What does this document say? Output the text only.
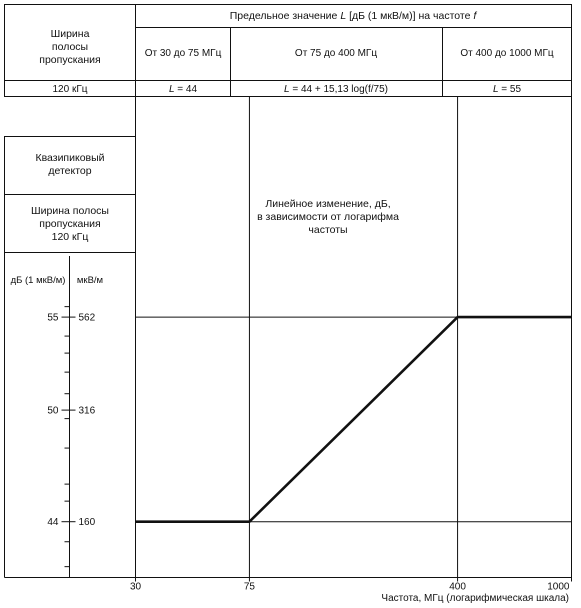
Ширина
полосы
пропускания
Предельное значение L [дБ (1 мкВ/м)] на частоте f
От 30 до 75 МГц	От 75 до 400 МГц	От 400 до 1000 МГц
120 кГц	L = 44	L = 44 + 15,13 log(f/75)	L = 55
Квазипиковый
детектор
Ширина полосы
пропускания
120 кГц
Линейное изменение, дБ,
в зависимости от логарифма
частоты
дБ (1 мкВ/м) мкВ/м
Частота, МГц (логарифмическая шкала)
44 160
50 316
55 562
30	75	400	1000
